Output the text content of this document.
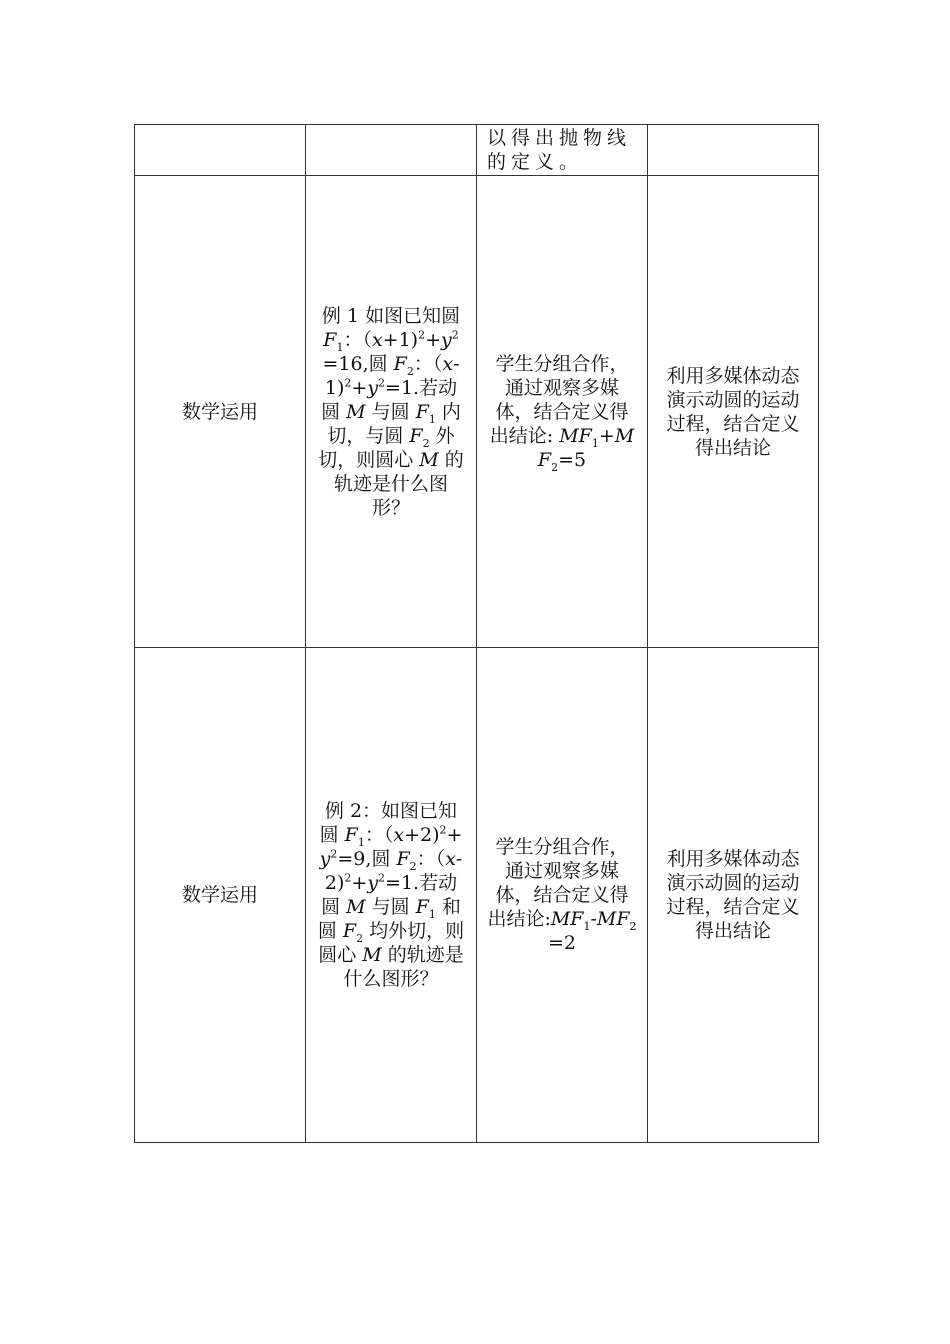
		以得出抛物线的定义。	
数学运用	例 1 如图已知圆 $F_1$：$(x+1)^2+y^2=16$,圆 $F_2$：$(x-1)^2+y^2=1$.若动圆 M 与圆 $F_1$ 内切，与圆 $F_2$ 外切，则圆心 M 的轨迹是什么图形？	学生分组合作，通过观察多媒体，结合定义得出结论: $MF_1+MF_2=5$	利用多媒体动态演示动圆的运动过程，结合定义得出结论
数学运用	例 2：如图已知圆 $F_1$：$(x+2)^2+y^2=9$,圆 $F_2$：$(x-2)^2+y^2=1$.若动圆 M 与圆 $F_1$ 和圆 $F_2$ 均外切，则圆心 M 的轨迹是什么图形？	学生分组合作，通过观察多媒体，结合定义得出结论$:MF_1-MF_2=2$	利用多媒体动态演示动圆的运动过程，结合定义得出结论
